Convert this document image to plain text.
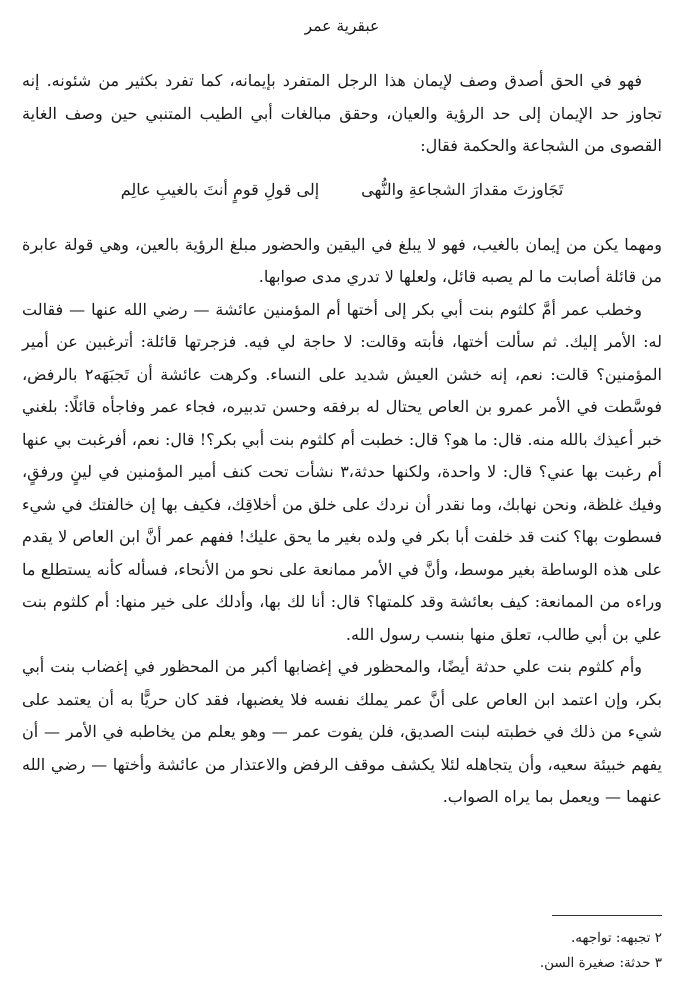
عبقرية عمر

فهو في الحق أصدق وصف لإيمان هذا الرجل المتفرد بإيمانه، كما تفرد بكثير من شئونه. إنه تجاوز حد الإيمان إلى حد الرؤية والعيان، وحقق مبالغات أبي الطيب المتنبي حين وصف الغاية القصوى من الشجاعة والحكمة فقال:

تَجَاوزتَ مقدارَ الشجاعةِ والنُّهى
إلى قولِ قومٍ أنتَ بالغيبِ عالِم

ومهما يكن من إيمان بالغيب، فهو لا يبلغ في اليقين والحضور مبلغ الرؤية بالعين، وهي قولة عابرة من قائلة أصابت ما لم يصبه قائل، ولعلها لا تدري مدى صوابها.

وخطب عمر أمَّ كلثوم بنت أبي بكر إلى أختها أم المؤمنين عائشة — رضي الله عنها — فقالت له: الأمر إليك. ثم سألت أختها، فأبته وقالت: لا حاجة لي فيه. فزجرتها قائلة: أترغبين عن أمير المؤمنين؟ قالت: نعم، إنه خشن العيش شديد على النساء. وكرهت عائشة أن تَجبَهَه٢ بالرفض، فوسَّطت في الأمر عمرو بن العاص يحتال له برفقه وحسن تدبيره، فجاء عمر وفاجأه قائلًا: بلغني خبر أعيذك بالله منه. قال: ما هو؟ قال: خطبت أم كلثوم بنت أبي بكر؟! قال: نعم، أفرغبت بي عنها أم رغبت بها عني؟ قال: لا واحدة، ولكنها حدثة،٣ نشأت تحت كنف أمير المؤمنين في لينٍ ورفقٍ، وفيك غلظة، ونحن نهابك، وما نقدر أن نردك على خلق من أخلاقِك، فكيف بها إن خالفتك في شيء فسطوت بها؟ كنت قد خلفت أبا بكر في ولده بغير ما يحق عليك! ففهم عمر أنَّ ابن العاص لا يقدم على هذه الوساطة بغير موسط، وأنَّ في الأمر ممانعة على نحو من الأنحاء، فسأله كأنه يستطلع ما وراءه من الممانعة: كيف بعائشة وقد كلمتها؟ قال: أنا لك بها، وأدلك على خير منها: أم كلثوم بنت علي بن أبي طالب، تعلق منها بنسب رسول الله.

وأم كلثوم بنت علي حدثة أيضًا، والمحظور في إغضابها أكبر من المحظور في إغضاب بنت أبي بكر، وإن اعتمد ابن العاص على أنَّ عمر يملك نفسه فلا يغضبها، فقد كان حريًّا به أن يعتمد على شيء من ذلك في خطبته لبنت الصديق، فلن يفوت عمر — وهو يعلم من يخاطبه في الأمر — أن يفهم خبيئة سعيه، وأن يتجاهله لئلا يكشف موقف الرفض والاعتذار من عائشة وأختها — رضي الله عنهما — ويعمل بما يراه الصواب.

٢ تجبهه: تواجهه.

٣ حدثة: صغيرة السن.
